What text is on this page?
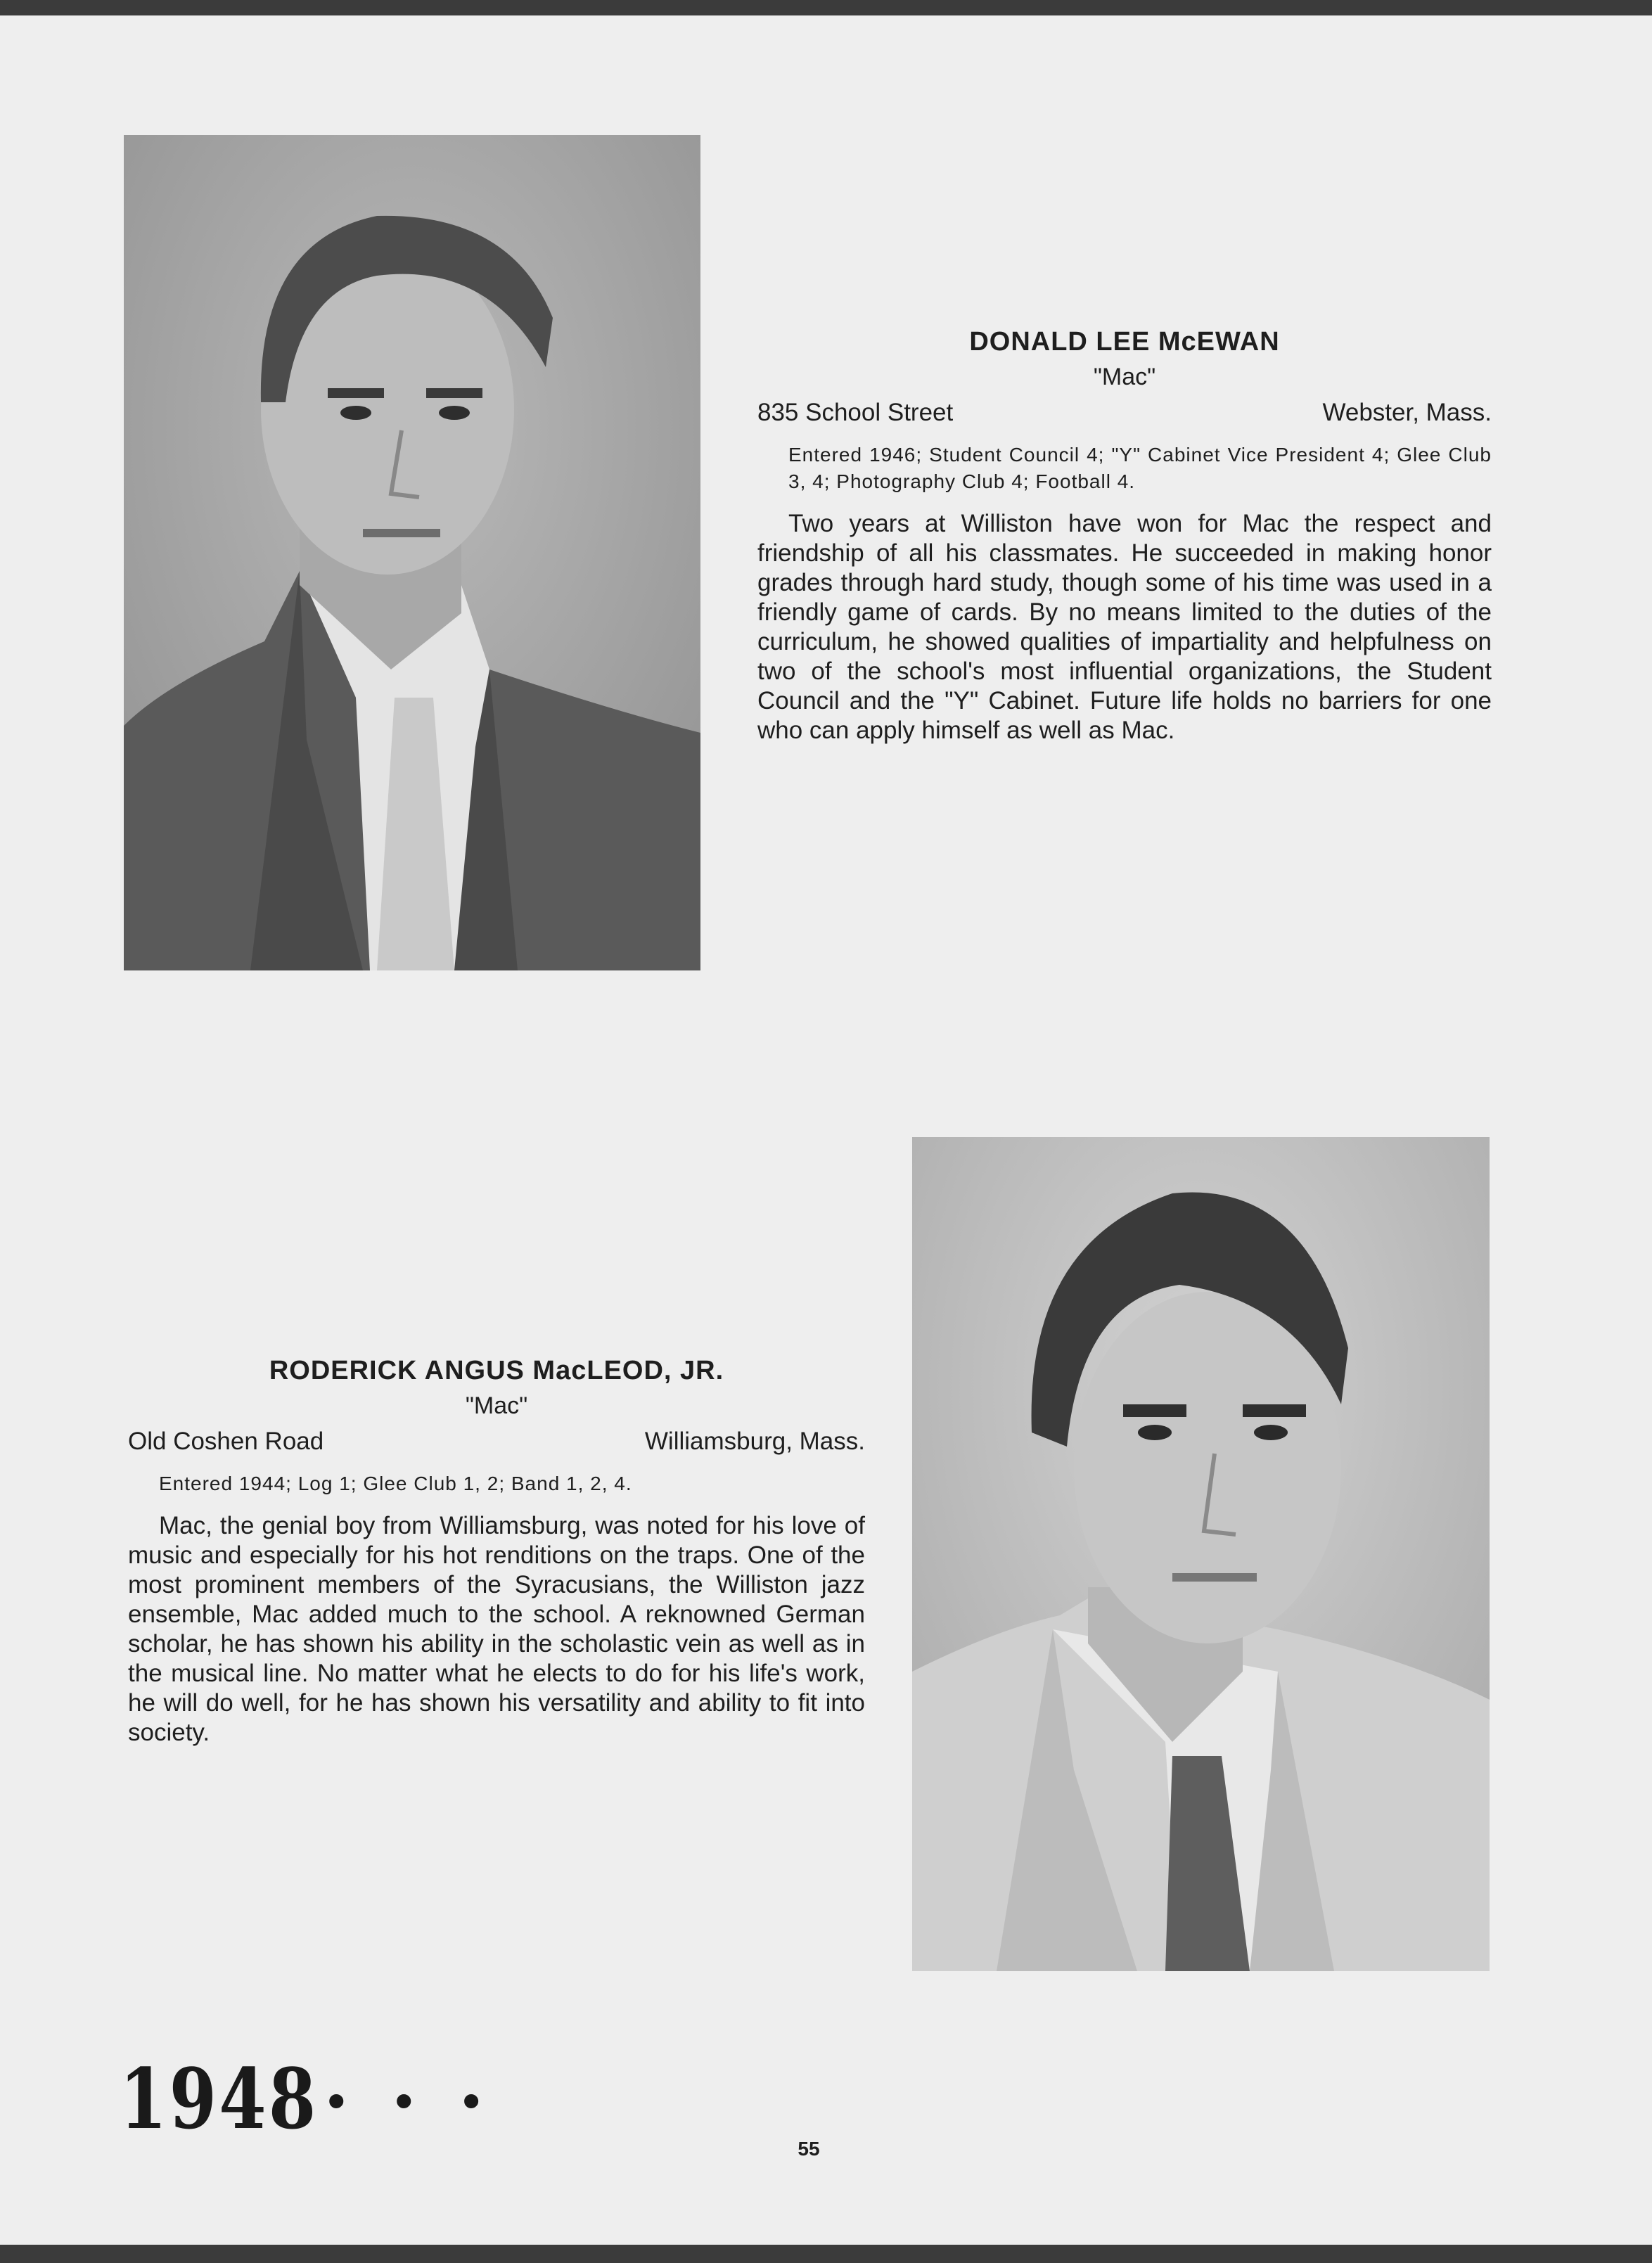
DONALD LEE McEWAN
"Mac"
835 School Street	Webster, Mass.
Entered 1946; Student Council 4; "Y" Cabinet Vice President 4; Glee Club 3, 4; Photography Club 4; Football 4.
Two years at Williston have won for Mac the respect and friendship of all his classmates. He succeeded in making honor grades through hard study, though some of his time was used in a friendly game of cards. By no means limited to the duties of the curriculum, he showed qualities of impartiality and helpfulness on two of the school's most influential organizations, the Student Council and the "Y" Cabinet. Future life holds no barriers for one who can apply himself as well as Mac.
RODERICK ANGUS MacLEOD, JR.
"Mac"
Old Coshen Road	Williamsburg, Mass.
Entered 1944; Log 1; Glee Club 1, 2; Band 1, 2, 4.
Mac, the genial boy from Williamsburg, was noted for his love of music and especially for his hot renditions on the traps. One of the most prominent members of the Syracusians, the Williston jazz ensemble, Mac added much to the school. A reknowned German scholar, he has shown his ability in the scholastic vein as well as in the musical line. No matter what he elects to do for his life's work, he will do well, for he has shown his versatility and ability to fit into society.
1948 • • •
55
